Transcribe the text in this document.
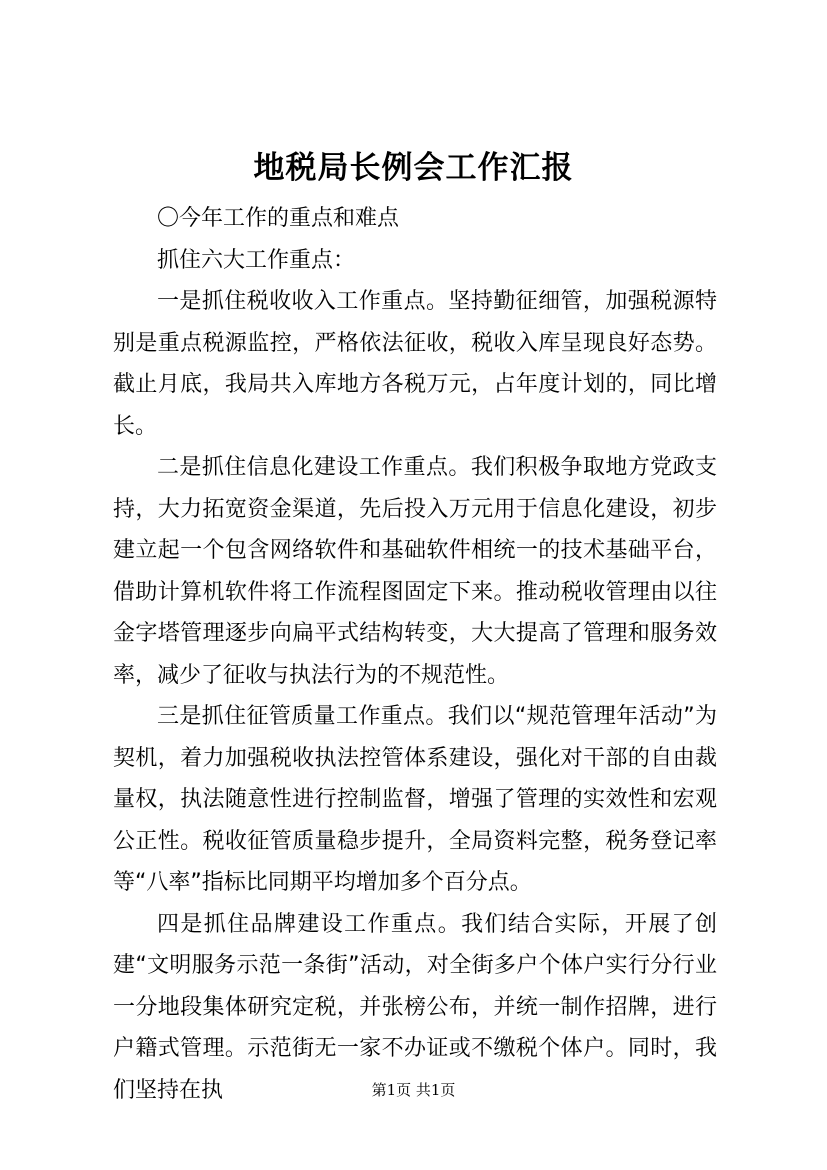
地税局长例会工作汇报

〇今年工作的重点和难点

抓住六大工作重点：

一是抓住税收收入工作重点。坚持勤征细管，加强税源特别是重点税源监控，严格依法征收，税收入库呈现良好态势。截止月底，我局共入库地方各税万元，占年度计划的，同比增长。

二是抓住信息化建设工作重点。我们积极争取地方党政支持，大力拓宽资金渠道，先后投入万元用于信息化建设，初步建立起一个包含网络软件和基础软件相统一的技术基础平台，借助计算机软件将工作流程图固定下来。推动税收管理由以往金字塔管理逐步向扁平式结构转变，大大提高了管理和服务效率，减少了征收与执法行为的不规范性。

三是抓住征管质量工作重点。我们以“规范管理年活动”为契机，着力加强税收执法控管体系建设，强化对干部的自由裁量权，执法随意性进行控制监督，增强了管理的实效性和宏观公正性。税收征管质量稳步提升，全局资料完整，税务登记率等“八率”指标比同期平均增加多个百分点。

四是抓住品牌建设工作重点。我们结合实际，开展了创建“文明服务示范一条街”活动，对全街多户个体户实行分行业一分地段集体研究定税，并张榜公布，并统一制作招牌，进行户籍式管理。示范街无一家不办证或不缴税个体户。同时，我们坚持在执	第1页 共1页
